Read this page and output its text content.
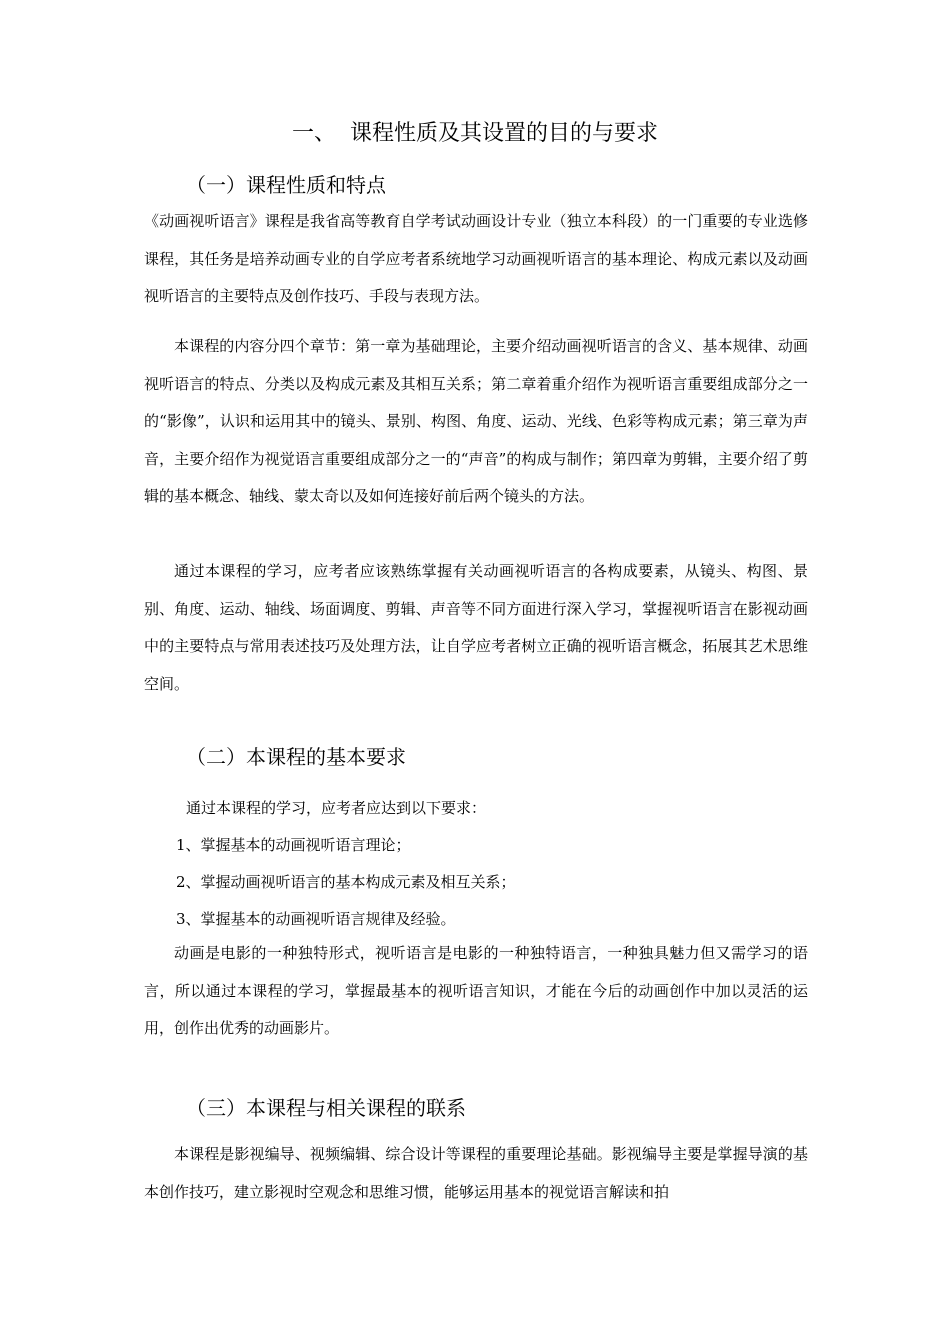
一、 课程性质及其设置的目的与要求
（一）课程性质和特点

《动画视听语言》课程是我省高等教育自学考试动画设计专业（独立本科段）的一门重要的专业选修课程，其任务是培养动画专业的自学应考者系统地学习动画视听语言的基本理论、构成元素以及动画视听语言的主要特点及创作技巧、手段与表现方法。

本课程的内容分四个章节：第一章为基础理论，主要介绍动画视听语言的含义、基本规律、动画视听语言的特点、分类以及构成元素及其相互关系；第二章着重介绍作为视听语言重要组成部分之一的“影像”，认识和运用其中的镜头、景别、构图、角度、运动、光线、色彩等构成元素；第三章为声音，主要介绍作为视觉语言重要组成部分之一的“声音”的构成与制作；第四章为剪辑，主要介绍了剪辑的基本概念、轴线、蒙太奇以及如何连接好前后两个镜头的方法。

通过本课程的学习，应考者应该熟练掌握有关动画视听语言的各构成要素，从镜头、构图、景别、角度、运动、轴线、场面调度、剪辑、声音等不同方面进行深入学习，掌握视听语言在影视动画中的主要特点与常用表述技巧及处理方法，让自学应考者树立正确的视听语言概念，拓展其艺术思维空间。

（二）本课程的基本要求
通过本课程的学习，应考者应达到以下要求：
1、掌握基本的动画视听语言理论；
2、掌握动画视听语言的基本构成元素及相互关系；
3、掌握基本的动画视听语言规律及经验。

动画是电影的一种独特形式，视听语言是电影的一种独特语言，一种独具魅力但又需学习的语言，所以通过本课程的学习，掌握最基本的视听语言知识，才能在今后的动画创作中加以灵活的运用，创作出优秀的动画影片。

（三）本课程与相关课程的联系

本课程是影视编导、视频编辑、综合设计等课程的重要理论基础。影视编导主要是掌握导演的基本创作技巧，建立影视时空观念和思维习惯，能够运用基本的视觉语言解读和拍
